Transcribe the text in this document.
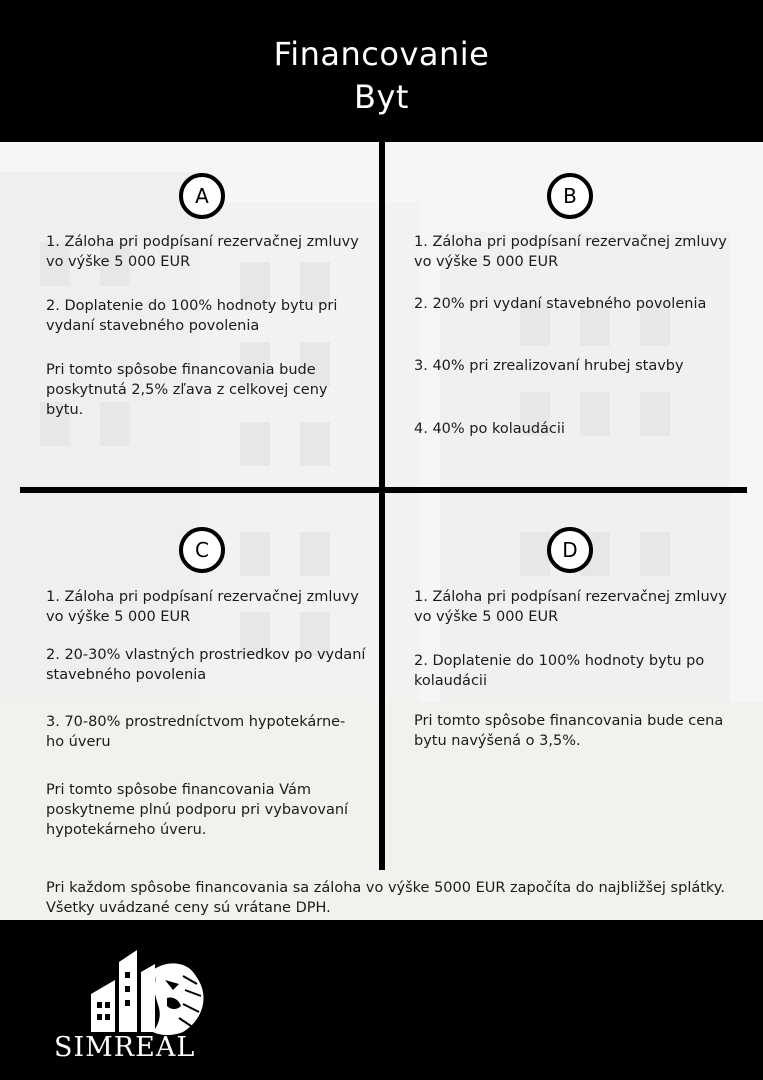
Financovanie
Byt
A
1. Záloha pri podpísaní rezervačnej zmluvy vo výške 5 000 EUR
2. Doplatenie do 100% hodnoty bytu pri vydaní stavebného povolenia
Pri tomto spôsobe financovania bude poskytnutá 2,5% zľava z celkovej ceny bytu.
B
1. Záloha pri podpísaní rezervačnej zmluvy vo výške 5 000 EUR
2. 20% pri vydaní stavebného povolenia
3. 40% pri zrealizovaní hrubej stavby
4. 40% po kolaudácii
C
1. Záloha pri podpísaní rezervačnej zmluvy vo výške 5 000 EUR
2. 20-30% vlastných prostriedkov po vydaní stavebného povolenia
3. 70-80% prostredníctvom hypotekárne-ho úveru
Pri tomto spôsobe financovania Vám poskytneme plnú podporu pri vybavovaní hypotekárneho úveru.
D
1. Záloha pri podpísaní rezervačnej zmluvy vo výške 5 000 EUR
2. Doplatenie do 100% hodnoty bytu po kolaudácii
Pri tomto spôsobe financovania bude cena bytu navýšená o 3,5%.
Pri každom spôsobe financovania sa záloha vo výške 5000 EUR započíta do najbližšej splátky.
Všetky uvádzané ceny sú vrátane DPH.
SIMREAL
